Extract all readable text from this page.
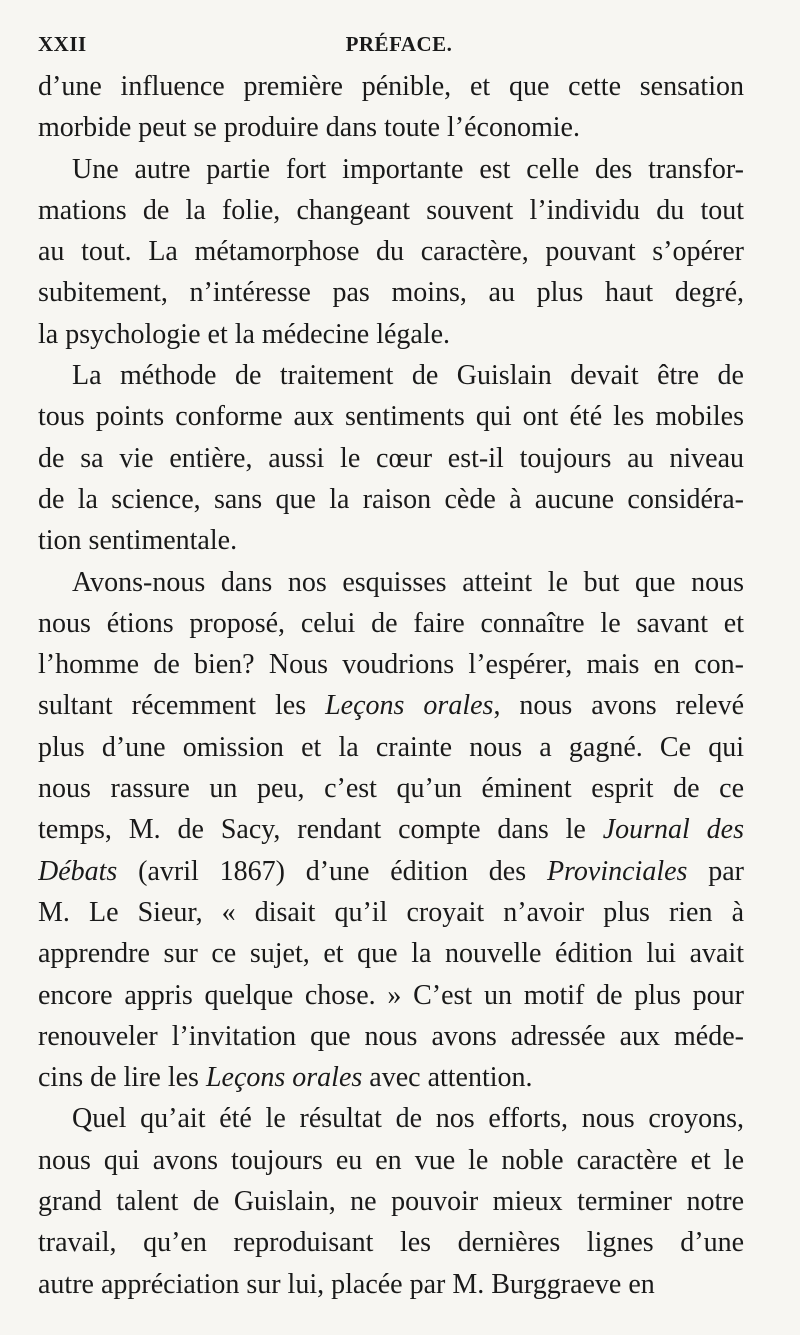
XXII	PRÉFACE.
d’une influence première pénible, et que cette sensation
morbide peut se produire dans toute l’économie.
Une autre partie fort importante est celle des transfor-
mations de la folie, changeant souvent l’individu du tout
au tout. La métamorphose du caractère, pouvant s’opérer
subitement, n’intéresse pas moins, au plus haut degré,
la psychologie et la médecine légale.
La méthode de traitement de Guislain devait être de
tous points conforme aux sentiments qui ont été les mobiles
de sa vie entière, aussi le cœur est-il toujours au niveau
de la science, sans que la raison cède à aucune considéra-
tion sentimentale.
Avons-nous dans nos esquisses atteint le but que nous
nous étions proposé, celui de faire connaître le savant et
l’homme de bien? Nous voudrions l’espérer, mais en con-
sultant récemment les Leçons orales, nous avons relevé
plus d’une omission et la crainte nous a gagné. Ce qui
nous rassure un peu, c’est qu’un éminent esprit de ce
temps, M. de Sacy, rendant compte dans le Journal des
Débats (avril 1867) d’une édition des Provinciales par
M. Le Sieur, « disait qu’il croyait n’avoir plus rien à
apprendre sur ce sujet, et que la nouvelle édition lui avait
encore appris quelque chose. » C’est un motif de plus pour
renouveler l’invitation que nous avons adressée aux méde-
cins de lire les Leçons orales avec attention.
Quel qu’ait été le résultat de nos efforts, nous croyons,
nous qui avons toujours eu en vue le noble caractère et le
grand talent de Guislain, ne pouvoir mieux terminer notre
travail, qu’en reproduisant les dernières lignes d’une
autre appréciation sur lui, placée par M. Burggraeve en
